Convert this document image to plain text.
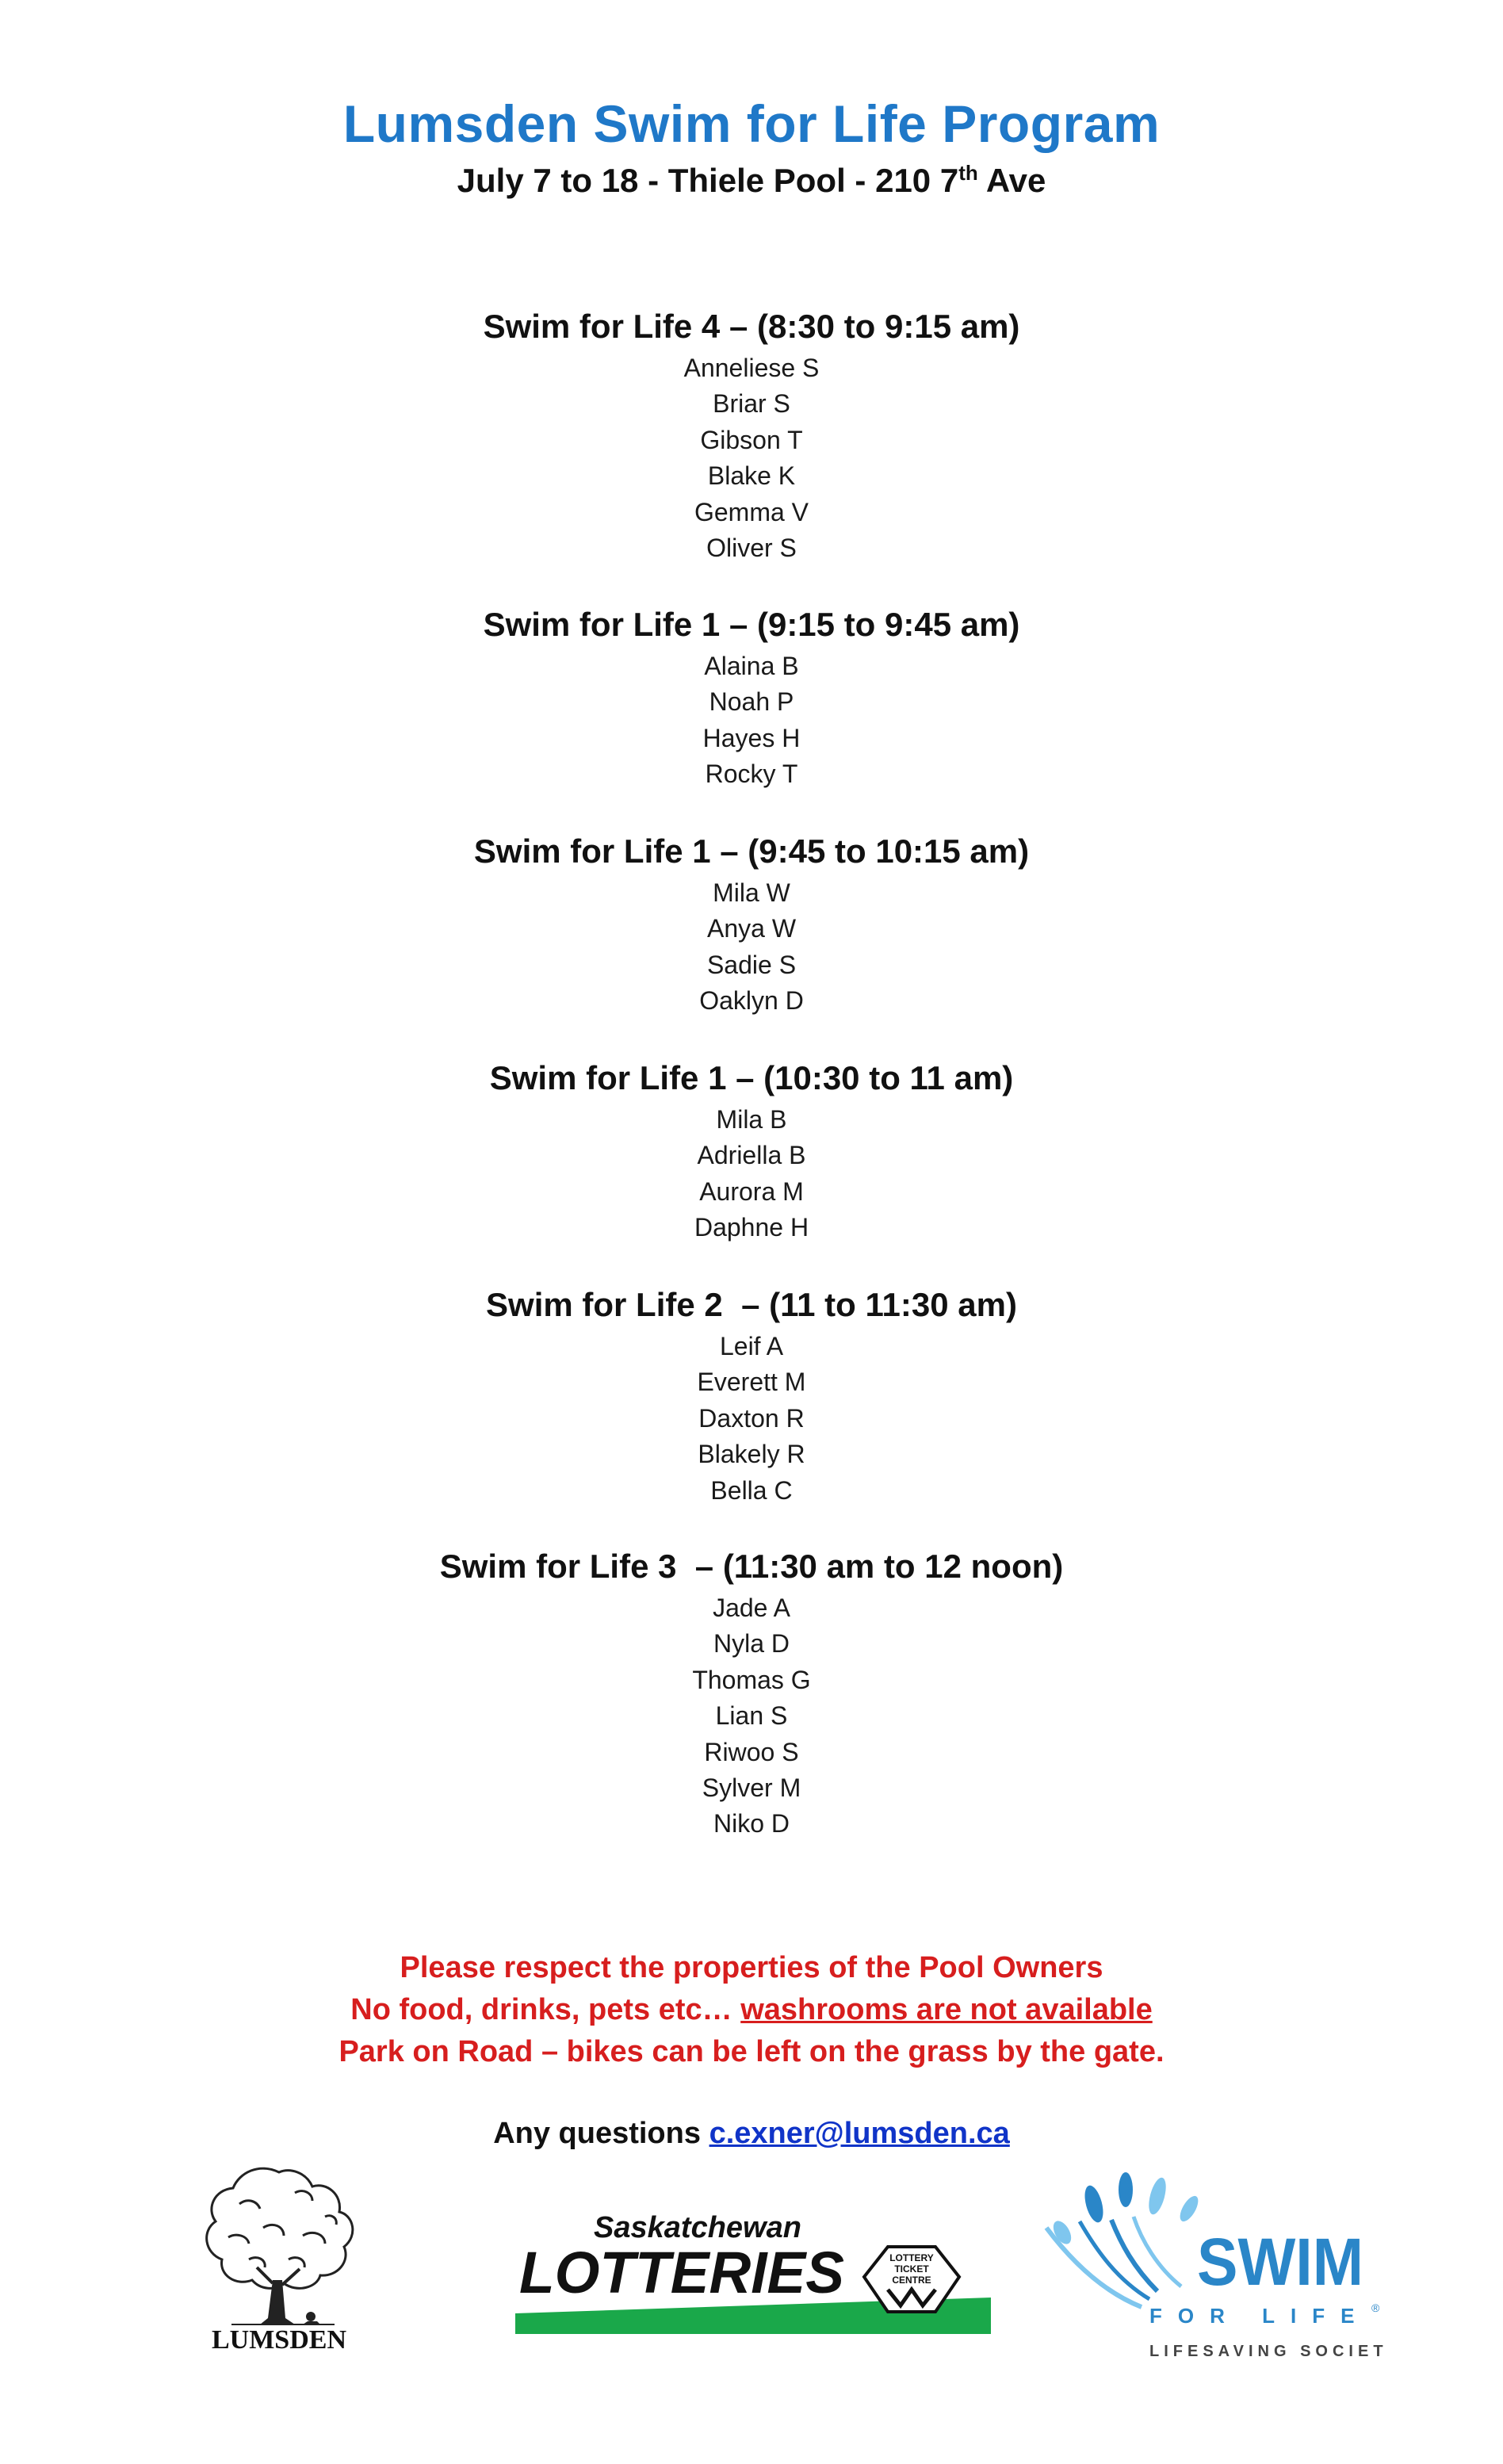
Lumsden Swim for Life Program
July 7 to 18 - Thiele Pool - 210 7th Ave
Swim for Life 4 – (8:30 to 9:15 am)
Anneliese S
Briar S
Gibson T
Blake K
Gemma V
Oliver S
Swim for Life 1 – (9:15 to 9:45 am)
Alaina B
Noah P
Hayes H
Rocky T
Swim for Life 1 – (9:45 to 10:15 am)
Mila W
Anya W
Sadie S
Oaklyn D
Swim for Life 1 – (10:30 to 11 am)
Mila B
Adriella B
Aurora M
Daphne H
Swim for Life 2  – (11 to 11:30 am)
Leif A
Everett M
Daxton R
Blakely R
Bella C
Swim for Life 3  – (11:30 am to 12 noon)
Jade A
Nyla D
Thomas G
Lian S
Riwoo S
Sylver M
Niko D
Please respect the properties of the Pool Owners
No food, drinks, pets etc… washrooms are not available
Park on Road – bikes can be left on the grass by the gate.
Any questions c.exner@lumsden.ca
LUMSDEN
Saskatchewan
LOTTERIES	LOTTERY
TICKET
CENTRE	SWIM
FOR LIFE ®
LIFESAVING SOCIETY
